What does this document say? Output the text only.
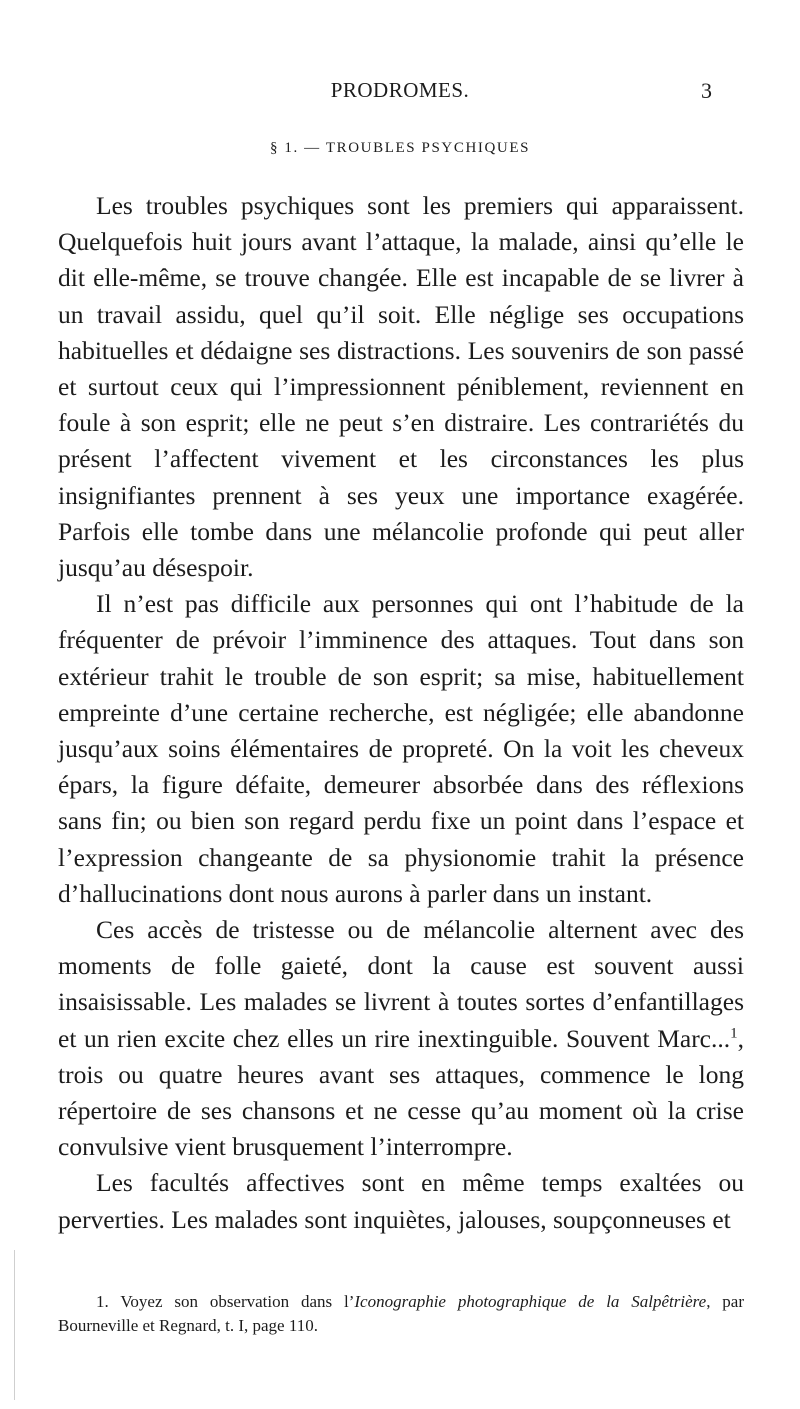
PRODROMES.	3
§ 1. — TROUBLES PSYCHIQUES

Les troubles psychiques sont les premiers qui apparaissent. Quelquefois huit jours avant l’attaque, la malade, ainsi qu’elle le dit elle-même, se trouve changée. Elle est incapable de se livrer à un travail assidu, quel qu’il soit. Elle néglige ses occupations habituelles et dédaigne ses distractions. Les souvenirs de son passé et surtout ceux qui l’impressionnent péniblement, reviennent en foule à son esprit; elle ne peut s’en distraire. Les contrariétés du présent l’affectent vivement et les circonstances les plus insignifiantes prennent à ses yeux une importance exagérée. Parfois elle tombe dans une mélancolie profonde qui peut aller jusqu’au désespoir.

Il n’est pas difficile aux personnes qui ont l’habitude de la fréquenter de prévoir l’imminence des attaques. Tout dans son extérieur trahit le trouble de son esprit; sa mise, habituellement empreinte d’une certaine recherche, est négligée; elle abandonne jusqu’aux soins élémentaires de propreté. On la voit les cheveux épars, la figure défaite, demeurer absorbée dans des réflexions sans fin; ou bien son regard perdu fixe un point dans l’espace et l’expression changeante de sa physionomie trahit la présence d’hallucinations dont nous aurons à parler dans un instant.

Ces accès de tristesse ou de mélancolie alternent avec des moments de folle gaieté, dont la cause est souvent aussi insaisissable. Les malades se livrent à toutes sortes d’enfantillages et un rien excite chez elles un rire inextinguible. Souvent Marc...$^1$, trois ou quatre heures avant ses attaques, commence le long répertoire de ses chansons et ne cesse qu’au moment où la crise convulsive vient brusquement l’interrompre.

Les facultés affectives sont en même temps exaltées ou perverties. Les malades sont inquiètes, jalouses, soupçonneuses et

1. Voyez son observation dans l’Iconographie photographique de la Salpêtrière, par Bourneville et Regnard, t. I, page 110.
